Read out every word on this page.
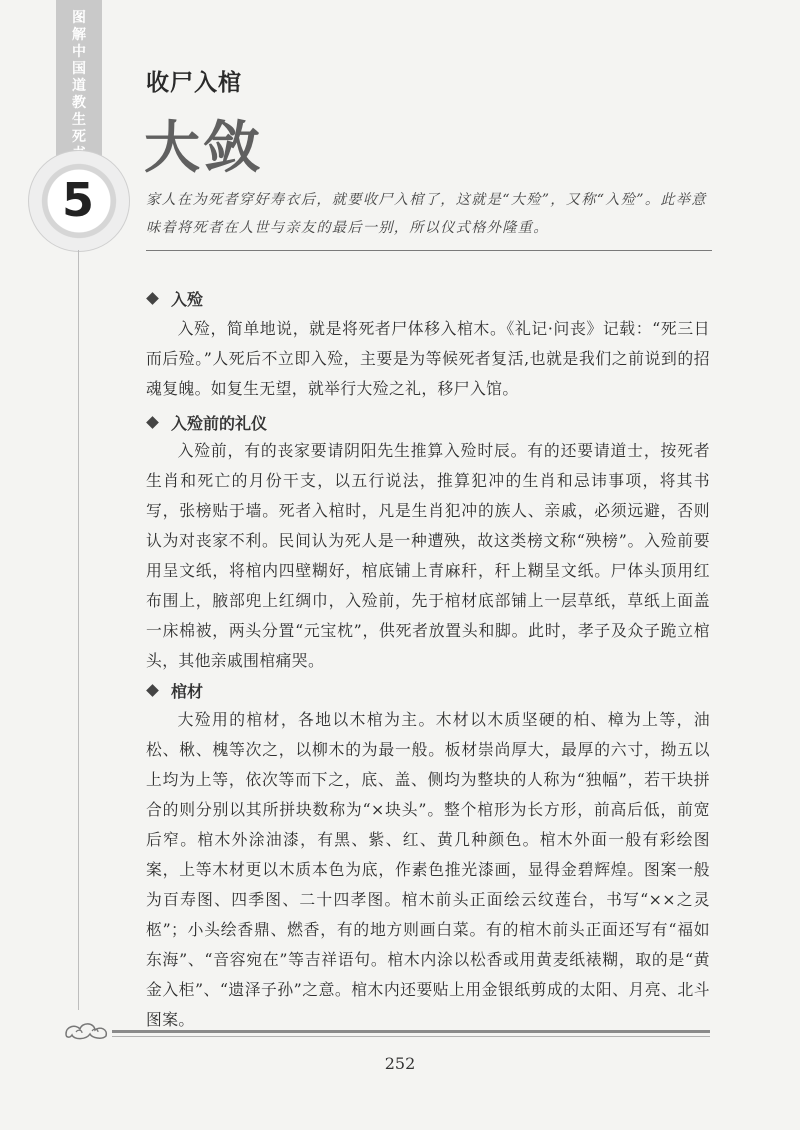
图
解
中
国
道
教
生
死
5
收尸入棺
大敛
家人在为死者穿好寿衣后，就要收尸入棺了，这就是“大殓”，又称“入殓”。此举意味着将死者在人世与亲友的最后一别，所以仪式格外隆重。
入殓
入殓，简单地说，就是将死者尸体移入棺木。《礼记·问丧》记载：“死三日而后殓。”人死后不立即入殓，主要是为等候死者复活,也就是我们之前说到的招魂复魄。如复生无望，就举行大殓之礼，移尸入馆。
入殓前的礼仪
入殓前，有的丧家要请阴阳先生推算入殓时辰。有的还要请道士，按死者生肖和死亡的月份干支，以五行说法，推算犯冲的生肖和忌讳事项，将其书写，张榜贴于墙。死者入棺时，凡是生肖犯冲的族人、亲戚，必须远避，否则认为对丧家不利。民间认为死人是一种遭殃，故这类榜文称“殃榜”。入殓前要用呈文纸，将棺内四壁糊好，棺底铺上青麻秆，秆上糊呈文纸。尸体头顶用红布围上，腋部兜上红绸巾，入殓前，先于棺材底部铺上一层草纸，草纸上面盖一床棉被，两头分置“元宝枕”，供死者放置头和脚。此时，孝子及众子跪立棺头，其他亲戚围棺痛哭。
棺材
大殓用的棺材，各地以木棺为主。木材以木质坚硬的柏、樟为上等，油松、楸、槐等次之，以柳木的为最一般。板材崇尚厚大，最厚的六寸，拗五以上均为上等，依次等而下之，底、盖、侧均为整块的人称为“独幅”，若干块拼合的则分别以其所拼块数称为“×块头”。整个棺形为长方形，前高后低，前宽后窄。棺木外涂油漆，有黑、紫、红、黄几种颜色。棺木外面一般有彩绘图案，上等木材更以木质本色为底，作素色推光漆画，显得金碧辉煌。图案一般为百寿图、四季图、二十四孝图。棺木前头正面绘云纹莲台，书写“××之灵柩”；小头绘香鼎、燃香，有的地方则画白菜。有的棺木前头正面还写有“福如东海”、“音容宛在”等吉祥语句。棺木内涂以松香或用黄麦纸裱糊，取的是“黄金入柜”、“遗泽子孙”之意。棺木内还要贴上用金银纸剪成的太阳、月亮、北斗图案。
252
